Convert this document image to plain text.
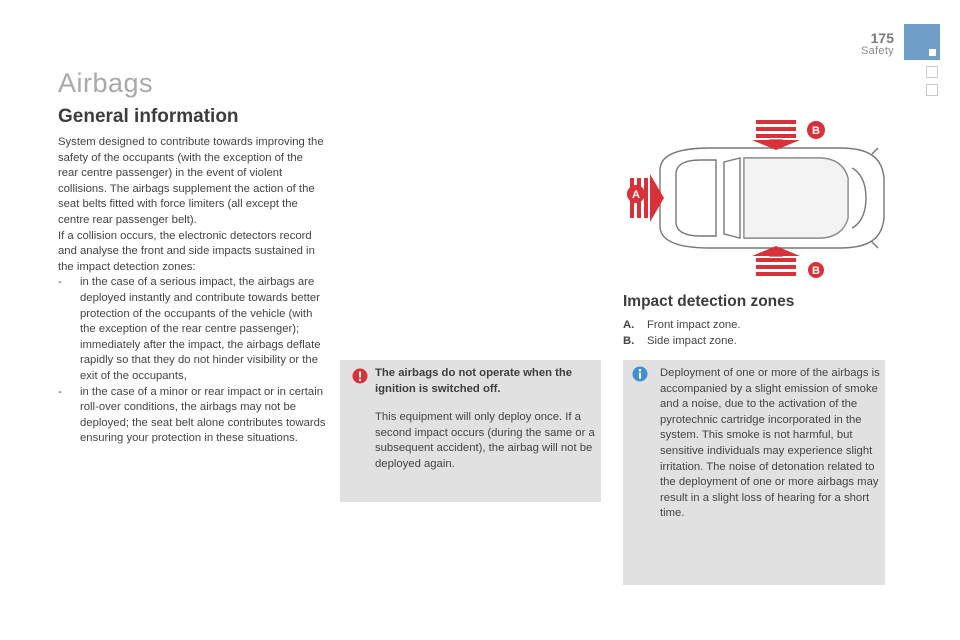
175
Safety
Airbags
General information

System designed to contribute towards improving the safety of the occupants (with the exception of the rear centre passenger) in the event of violent collisions. The airbags supplement the action of the seat belts fitted with force limiters (all except the centre rear passenger belt).

If a collision occurs, the electronic detectors record and analyse the front and side impacts sustained in the impact detection zones:

- in the case of a serious impact, the airbags are deployed instantly and contribute towards better protection of the occupants of the vehicle (with the exception of the rear centre passenger); immediately after the impact, the airbags deflate rapidly so that they do not hinder visibility or the exit of the occupants,
- in the case of a minor or rear impact or in certain roll-over conditions, the airbags may not be deployed; the seat belt alone contributes towards ensuring your protection in these situations.
The airbags do not operate when the ignition is switched off.
This equipment will only deploy once. If a second impact occurs (during the same or a subsequent accident), the airbag will not be deployed again.
A
B
B
Impact detection zones
A. Front impact zone.
B. Side impact zone.
Deployment of one or more of the airbags is accompanied by a slight emission of smoke and a noise, due to the activation of the pyrotechnic cartridge incorporated in the system. This smoke is not harmful, but sensitive individuals may experience slight irritation. The noise of detonation related to the deployment of one or more airbags may result in a slight loss of hearing for a short time.
